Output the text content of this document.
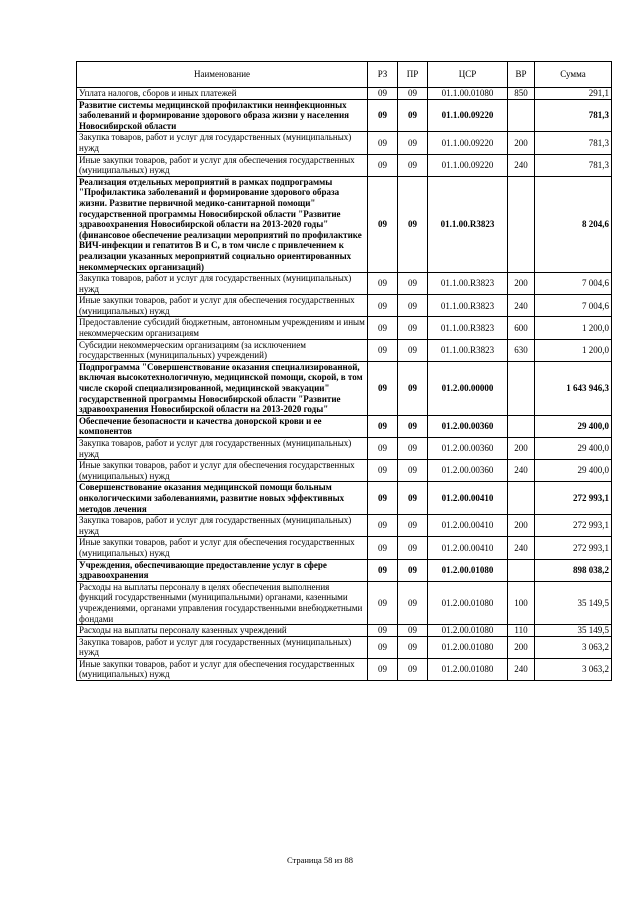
Наименование	РЗ	ПР	ЦСР	ВР	Сумма
Уплата налогов, сборов и иных платежей	09	09	01.1.00.01080	850	291,1
Развитие системы медицинской профилактики неинфекционных заболеваний и формирование здорового образа жизни у населения Новосибирской области	09	09	01.1.00.09220		781,3
Закупка товаров, работ и услуг для государственных (муниципальных) нужд	09	09	01.1.00.09220	200	781,3
Иные закупки товаров, работ и услуг для обеспечения государственных (муниципальных) нужд	09	09	01.1.00.09220	240	781,3
Реализация отдельных мероприятий в рамках подпрограммы "Профилактика заболеваний и формирование здорового образа жизни. Развитие первичной медико-санитарной помощи" государственной программы Новосибирской области "Развитие здравоохранения Новосибирской области на 2013-2020 годы" (финансовое обеспечение реализации мероприятий по профилактике ВИЧ-инфекции и гепатитов B и C, в том числе с привлечением к реализации указанных мероприятий социально ориентированных некоммерческих организаций)	09	09	01.1.00.R3823		8 204,6
Закупка товаров, работ и услуг для государственных (муниципальных) нужд	09	09	01.1.00.R3823	200	7 004,6
Иные закупки товаров, работ и услуг для обеспечения государственных (муниципальных) нужд	09	09	01.1.00.R3823	240	7 004,6
Предоставление субсидий бюджетным, автономным учреждениям и иным некоммерческим организациям	09	09	01.1.00.R3823	600	1 200,0
Субсидии некоммерческим организациям (за исключением государственных (муниципальных) учреждений)	09	09	01.1.00.R3823	630	1 200,0
Подпрограмма "Совершенствование оказания специализированной, включая высокотехнологичную, медицинской помощи, скорой, в том числе скорой специализированной, медицинской эвакуации" государственной программы Новосибирской области "Развитие здравоохранения Новосибирской области на 2013-2020 годы"	09	09	01.2.00.00000		1 643 946,3
Обеспечение безопасности и качества донорской крови и ее компонентов	09	09	01.2.00.00360		29 400,0
Закупка товаров, работ и услуг для государственных (муниципальных) нужд	09	09	01.2.00.00360	200	29 400,0
Иные закупки товаров, работ и услуг для обеспечения государственных (муниципальных) нужд	09	09	01.2.00.00360	240	29 400,0
Совершенствование оказания медицинской помощи больным онкологическими заболеваниями, развитие новых эффективных методов лечения	09	09	01.2.00.00410		272 993,1
Закупка товаров, работ и услуг для государственных (муниципальных) нужд	09	09	01.2.00.00410	200	272 993,1
Иные закупки товаров, работ и услуг для обеспечения государственных (муниципальных) нужд	09	09	01.2.00.00410	240	272 993,1
Учреждения, обеспечивающие предоставление услуг в сфере здравоохранения	09	09	01.2.00.01080		898 038,2
Расходы на выплаты персоналу в целях обеспечения выполнения функций государственными (муниципальными) органами, казенными учреждениями, органами управления государственными внебюджетными фондами	09	09	01.2.00.01080	100	35 149,5
Расходы на выплаты персоналу казенных учреждений	09	09	01.2.00.01080	110	35 149,5
Закупка товаров, работ и услуг для государственных (муниципальных) нужд	09	09	01.2.00.01080	200	3 063,2
Иные закупки товаров, работ и услуг для обеспечения государственных (муниципальных) нужд	09	09	01.2.00.01080	240	3 063,2
Страница 58 из 88
